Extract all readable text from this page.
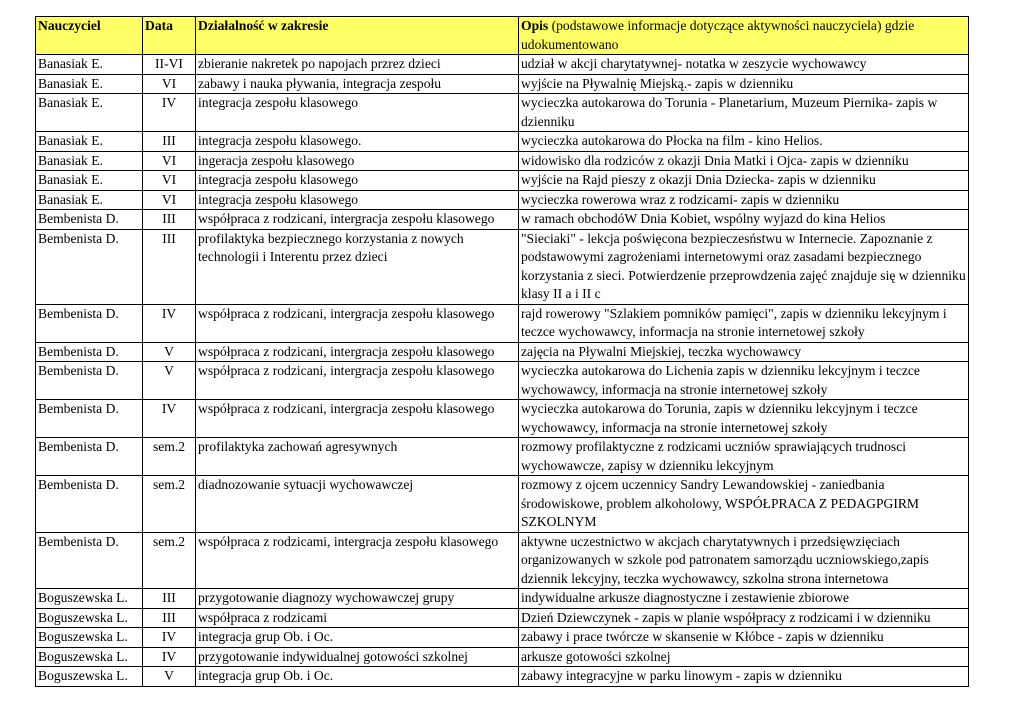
Nauczyciel	Data	Działalność w zakresie	Opis (podstawowe informacje dotyczące aktywności nauczyciela) gdzie udokumentowano
Banasiak E.	II-VI	zbieranie nakretek po napojach przrez dzieci	udział w akcji charytatywnej- notatka w zeszycie wychowawcy
Banasiak E.	VI	zabawy i nauka pływania, integracja zespołu	wyjście na Pływalnię Miejską.- zapis w dzienniku
Banasiak E.	IV	integracja zespołu klasowego	wycieczka autokarowa do Torunia - Planetarium, Muzeum Piernika- zapis w dzienniku
Banasiak E.	III	integracja zespołu klasowego.	wycieczka autokarowa do Płocka na film - kino Helios.
Banasiak E.	VI	ingeracja zespołu klasowego	widowisko dla rodziców z okazji Dnia Matki i Ojca- zapis w dzienniku
Banasiak E.	VI	integracja zespołu klasowego	wyjście na Rajd pieszy z okazji Dnia Dziecka- zapis w dzienniku
Banasiak E.	VI	integracja zespołu klasowego	wycieczka rowerowa wraz z rodzicami- zapis w dzienniku
Bembenista D.	III	współpraca z rodzicani, intergracja zespołu klasowego	w ramach obchodóW Dnia Kobiet, wspólny wyjazd do kina Helios
Bembenista D.	III	profilaktyka bezpiecznego korzystania z nowych technologii i Interentu przez dzieci	"Sieciaki" - lekcja poświęcona bezpieczesństwu w Internecie. Zapoznanie z podstawowymi zagrożeniami internetowymi oraz zasadami bezpiecznego korzystania z sieci. Potwierdzenie przeprowdzenia zajęć znajduje się w dzienniku klasy II a i II c
Bembenista D.	IV	współpraca z rodzicani, intergracja zespołu klasowego	rajd rowerowy "Szlakiem pomników pamięci", zapis w dzienniku lekcyjnym i teczce wychowawcy, informacja na stronie internetowej szkoły
Bembenista D.	V	współpraca z rodzicani, intergracja zespołu klasowego	zajęcia na Pływalni Miejskiej, teczka wychowawcy
Bembenista D.	V	współpraca z rodzicani, intergracja zespołu klasowego	wycieczka autokarowa do Lichenia zapis w dzienniku lekcyjnym i teczce wychowawcy, informacja na stronie internetowej szkoły
Bembenista D.	IV	współpraca z rodzicani, intergracja zespołu klasowego	wycieczka autokarowa do Torunia, zapis w dzienniku lekcyjnym i teczce wychowawcy, informacja na stronie internetowej szkoły
Bembenista D.	sem.2	profilaktyka zachowań agresywnych	rozmowy profilaktyczne z rodzicami uczniów sprawiających trudnosci wychowawcze, zapisy w dzienniku lekcyjnym
Bembenista D.	sem.2	diadnozowanie sytuacji wychowawczej	rozmowy z ojcem uczennicy Sandry Lewandowskiej - zaniedbania środowiskowe, problem alkoholowy, WSPÓŁPRACA Z PEDAGPGIRM SZKOLNYM
Bembenista D.	sem.2	współpraca z rodzicami, intergracja zespołu klasowego	aktywne uczestnictwo w akcjach charytatywnych i przedsięwzięciach organizowanych w szkole pod patronatem samorządu uczniowskiego,zapis dziennik lekcyjny, teczka wychowawcy, szkolna strona internetowa
Boguszewska L.	III	przygotowanie diagnozy wychowawczej grupy	indywidualne arkusze diagnostyczne i zestawienie zbiorowe
Boguszewska L.	III	współpraca z rodzicami	Dzień Dziewczynek - zapis w planie współpracy z rodzicami i w dzienniku
Boguszewska L.	IV	integracja grup Ob. i Oc.	zabawy i prace twórcze w skansenie w Kłóbce - zapis w dzienniku
Boguszewska L.	IV	przygotowanie indywidualnej gotowości szkolnej	arkusze gotowości szkolnej
Boguszewska L.	V	integracja grup Ob. i Oc.	zabawy integracyjne w parku linowym - zapis w dzienniku
